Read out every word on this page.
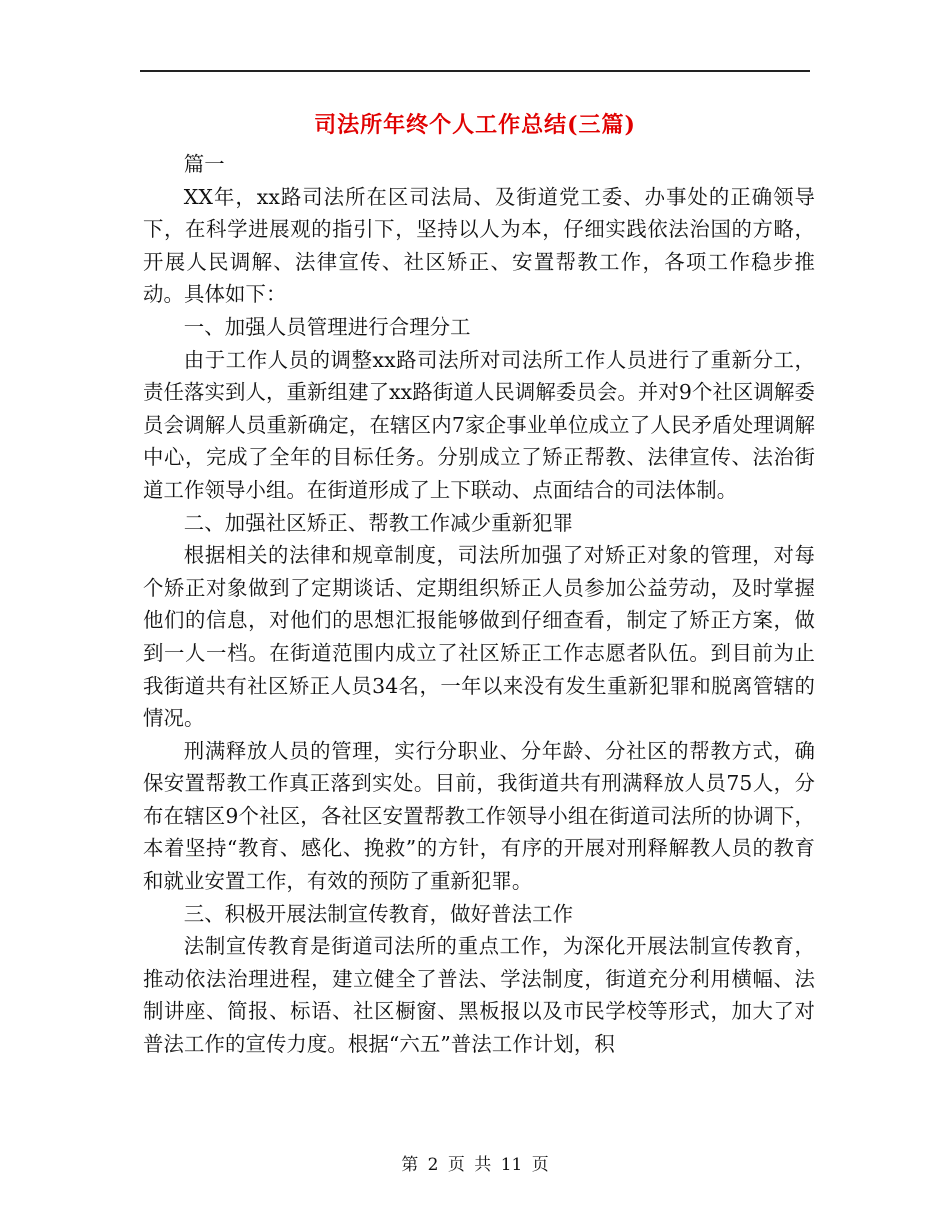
司法所年终个人工作总结(三篇)

篇一

XX年，xx路司法所在区司法局、及街道党工委、办事处的正确领导下，在科学进展观的指引下，坚持以人为本，仔细实践依法治国的方略，开展人民调解、法律宣传、社区矫正、安置帮教工作，各项工作稳步推动。具体如下：

一、加强人员管理进行合理分工

由于工作人员的调整xx路司法所对司法所工作人员进行了重新分工，责任落实到人，重新组建了xx路街道人民调解委员会。并对9个社区调解委员会调解人员重新确定，在辖区内7家企事业单位成立了人民矛盾处理调解中心，完成了全年的目标任务。分别成立了矫正帮教、法律宣传、法治街道工作领导小组。在街道形成了上下联动、点面结合的司法体制。

二、加强社区矫正、帮教工作减少重新犯罪

根据相关的法律和规章制度，司法所加强了对矫正对象的管理，对每个矫正对象做到了定期谈话、定期组织矫正人员参加公益劳动，及时掌握他们的信息，对他们的思想汇报能够做到仔细查看，制定了矫正方案，做到一人一档。在街道范围内成立了社区矫正工作志愿者队伍。到目前为止我街道共有社区矫正人员34名，一年以来没有发生重新犯罪和脱离管辖的情况。

刑满释放人员的管理，实行分职业、分年龄、分社区的帮教方式，确保安置帮教工作真正落到实处。目前，我街道共有刑满释放人员75人，分布在辖区9个社区，各社区安置帮教工作领导小组在街道司法所的协调下，本着坚持“教育、感化、挽救”的方针，有序的开展对刑释解教人员的教育和就业安置工作，有效的预防了重新犯罪。

三、积极开展法制宣传教育，做好普法工作

法制宣传教育是街道司法所的重点工作，为深化开展法制宣传教育，推动依法治理进程，建立健全了普法、学法制度，街道充分利用横幅、法制讲座、简报、标语、社区橱窗、黑板报以及市民学校等形式，加大了对普法工作的宣传力度。根据“六五”普法工作计划，积

第 2 页 共 11 页
